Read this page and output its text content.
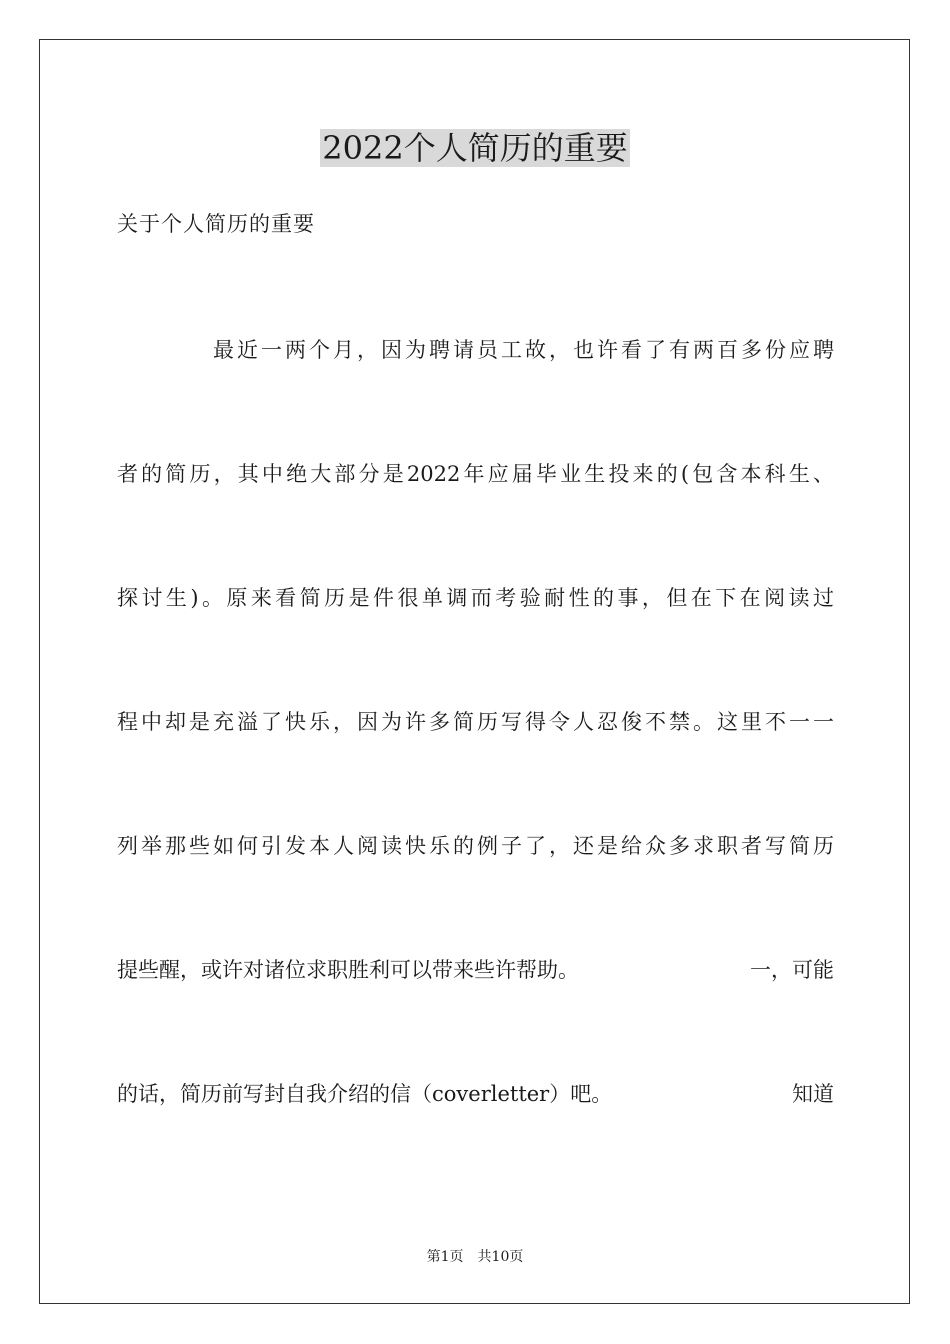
2022个人简历的重要
关于个人简历的重要
　　　　最近一两个月，因为聘请员工故，也许看了有两百多份应聘
者的简历，其中绝大部分是2022年应届毕业生投来的(包含本科生、
探讨生)。原来看简历是件很单调而考验耐性的事，但在下在阅读过
程中却是充溢了快乐，因为许多简历写得令人忍俊不禁。这里不一一
列举那些如何引发本人阅读快乐的例子了，还是给众多求职者写简历
提些醒，或许对诸位求职胜利可以带来些许帮助。	一，可能
的话，简历前写封自我介绍的信（coverletter）吧。	知道
第1页　共10页
